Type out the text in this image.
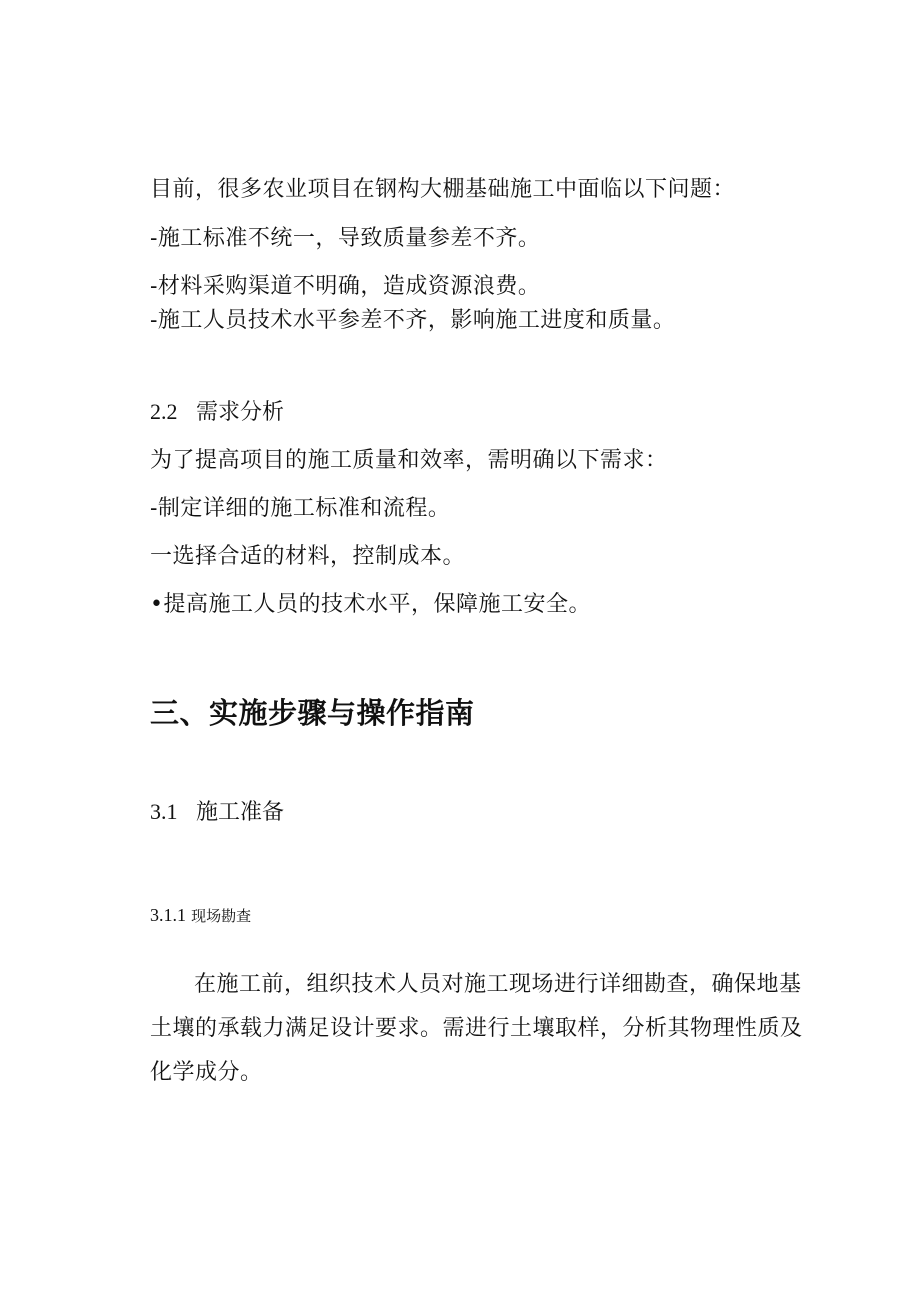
目前，很多农业项目在钢构大棚基础施工中面临以下问题：
-施工标准不统一，导致质量参差不齐。
-材料采购渠道不明确，造成资源浪费。
-施工人员技术水平参差不齐，影响施工进度和质量。
2.2 需求分析
为了提高项目的施工质量和效率，需明确以下需求：
-制定详细的施工标准和流程。
一选择合适的材料，控制成本。
•提高施工人员的技术水平，保障施工安全。
三、实施步骤与操作指南
3.1 施工准备
3.1.1 现场勘查

在施工前，组织技术人员对施工现场进行详细勘查，确保地基土壤的承载力满足设计要求。需进行土壤取样，分析其物理性质及化学成分。
